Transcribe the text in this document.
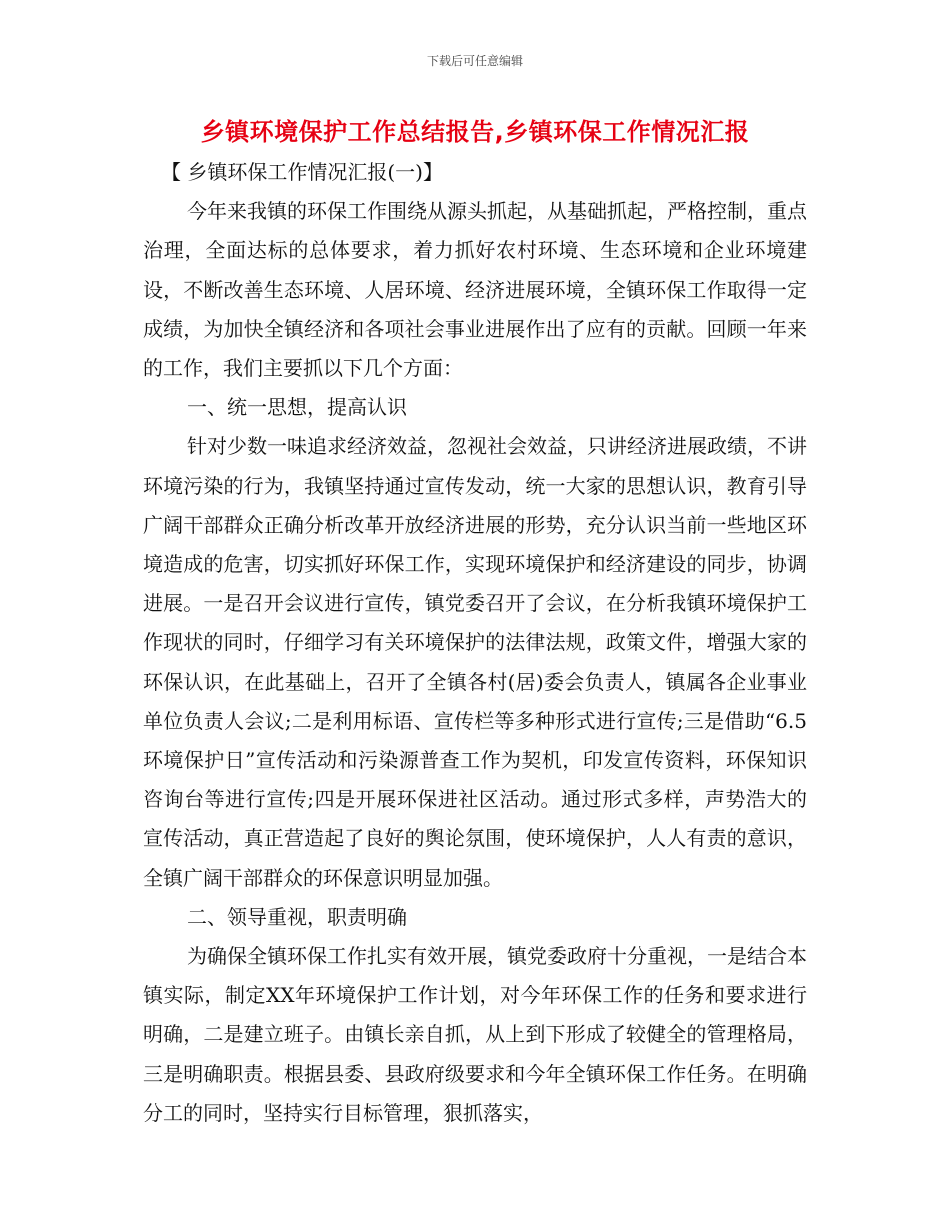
下载后可任意编辑
乡镇环境保护工作总结报告,乡镇环保工作情况汇报

【 乡镇环保工作情况汇报(一)】

今年来我镇的环保工作围绕从源头抓起，从基础抓起，严格控制，重点治理，全面达标的总体要求，着力抓好农村环境、生态环境和企业环境建设，不断改善生态环境、人居环境、经济进展环境，全镇环保工作取得一定成绩，为加快全镇经济和各项社会事业进展作出了应有的贡献。回顾一年来的工作，我们主要抓以下几个方面：

一、统一思想，提高认识

针对少数一味追求经济效益，忽视社会效益，只讲经济进展政绩，不讲环境污染的行为，我镇坚持通过宣传发动，统一大家的思想认识，教育引导广阔干部群众正确分析改革开放经济进展的形势，充分认识当前一些地区环境造成的危害，切实抓好环保工作，实现环境保护和经济建设的同步，协调进展。一是召开会议进行宣传，镇党委召开了会议，在分析我镇环境保护工作现状的同时，仔细学习有关环境保护的法律法规，政策文件，增强大家的环保认识，在此基础上，召开了全镇各村(居)委会负责人，镇属各企业事业单位负责人会议;二是利用标语、宣传栏等多种形式进行宣传;三是借助“6.5环境保护日”宣传活动和污染源普查工作为契机，印发宣传资料，环保知识咨询台等进行宣传;四是开展环保进社区活动。通过形式多样，声势浩大的宣传活动，真正营造起了良好的舆论氛围，使环境保护，人人有责的意识，全镇广阔干部群众的环保意识明显加强。

二、领导重视，职责明确

为确保全镇环保工作扎实有效开展，镇党委政府十分重视，一是结合本镇实际，制定XX年环境保护工作计划，对今年环保工作的任务和要求进行明确，二是建立班子。由镇长亲自抓，从上到下形成了较健全的管理格局，三是明确职责。根据县委、县政府级要求和今年全镇环保工作任务。在明确分工的同时，坚持实行目标管理，狠抓落实，
